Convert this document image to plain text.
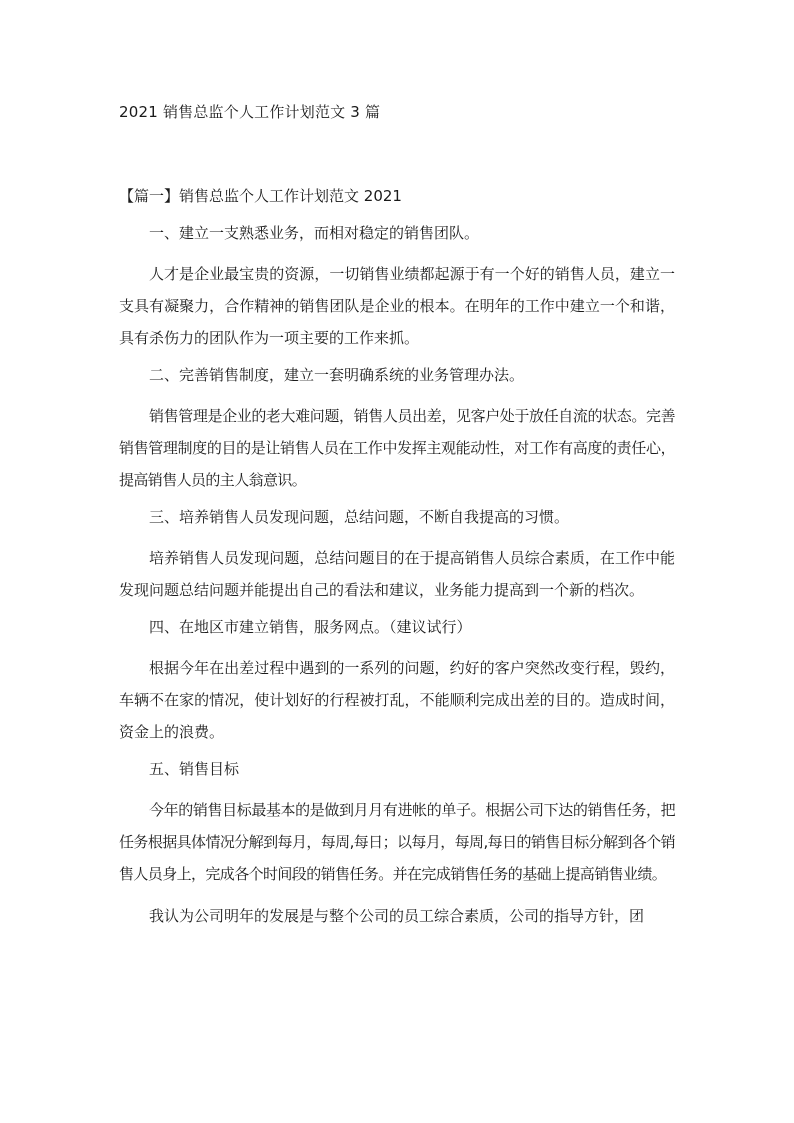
2021 销售总监个人工作计划范文 3 篇
【篇一】销售总监个人工作计划范文 2021
一、建立一支熟悉业务，而相对稳定的销售团队。
人才是企业最宝贵的资源，一切销售业绩都起源于有一个好的销售人员，建立一支具有凝聚力，合作精神的销售团队是企业的根本。在明年的工作中建立一个和谐，具有杀伤力的团队作为一项主要的工作来抓。
二、完善销售制度，建立一套明确系统的业务管理办法。
销售管理是企业的老大难问题，销售人员出差，见客户处于放任自流的状态。完善销售管理制度的目的是让销售人员在工作中发挥主观能动性，对工作有高度的责任心，提高销售人员的主人翁意识。
三、培养销售人员发现问题，总结问题，不断自我提高的习惯。
培养销售人员发现问题，总结问题目的在于提高销售人员综合素质，在工作中能发现问题总结问题并能提出自己的看法和建议，业务能力提高到一个新的档次。
四、在地区市建立销售，服务网点。（建议试行）
根据今年在出差过程中遇到的一系列的问题，约好的客户突然改变行程，毁约，车辆不在家的情况，使计划好的行程被打乱，不能顺利完成出差的目的。造成时间，资金上的浪费。
五、销售目标
今年的销售目标最基本的是做到月月有进帐的单子。根据公司下达的销售任务，把任务根据具体情况分解到每月，每周,每日；以每月，每周,每日的销售目标分解到各个销售人员身上，完成各个时间段的销售任务。并在完成销售任务的基础上提高销售业绩。
我认为公司明年的发展是与整个公司的员工综合素质，公司的指导方针，团
